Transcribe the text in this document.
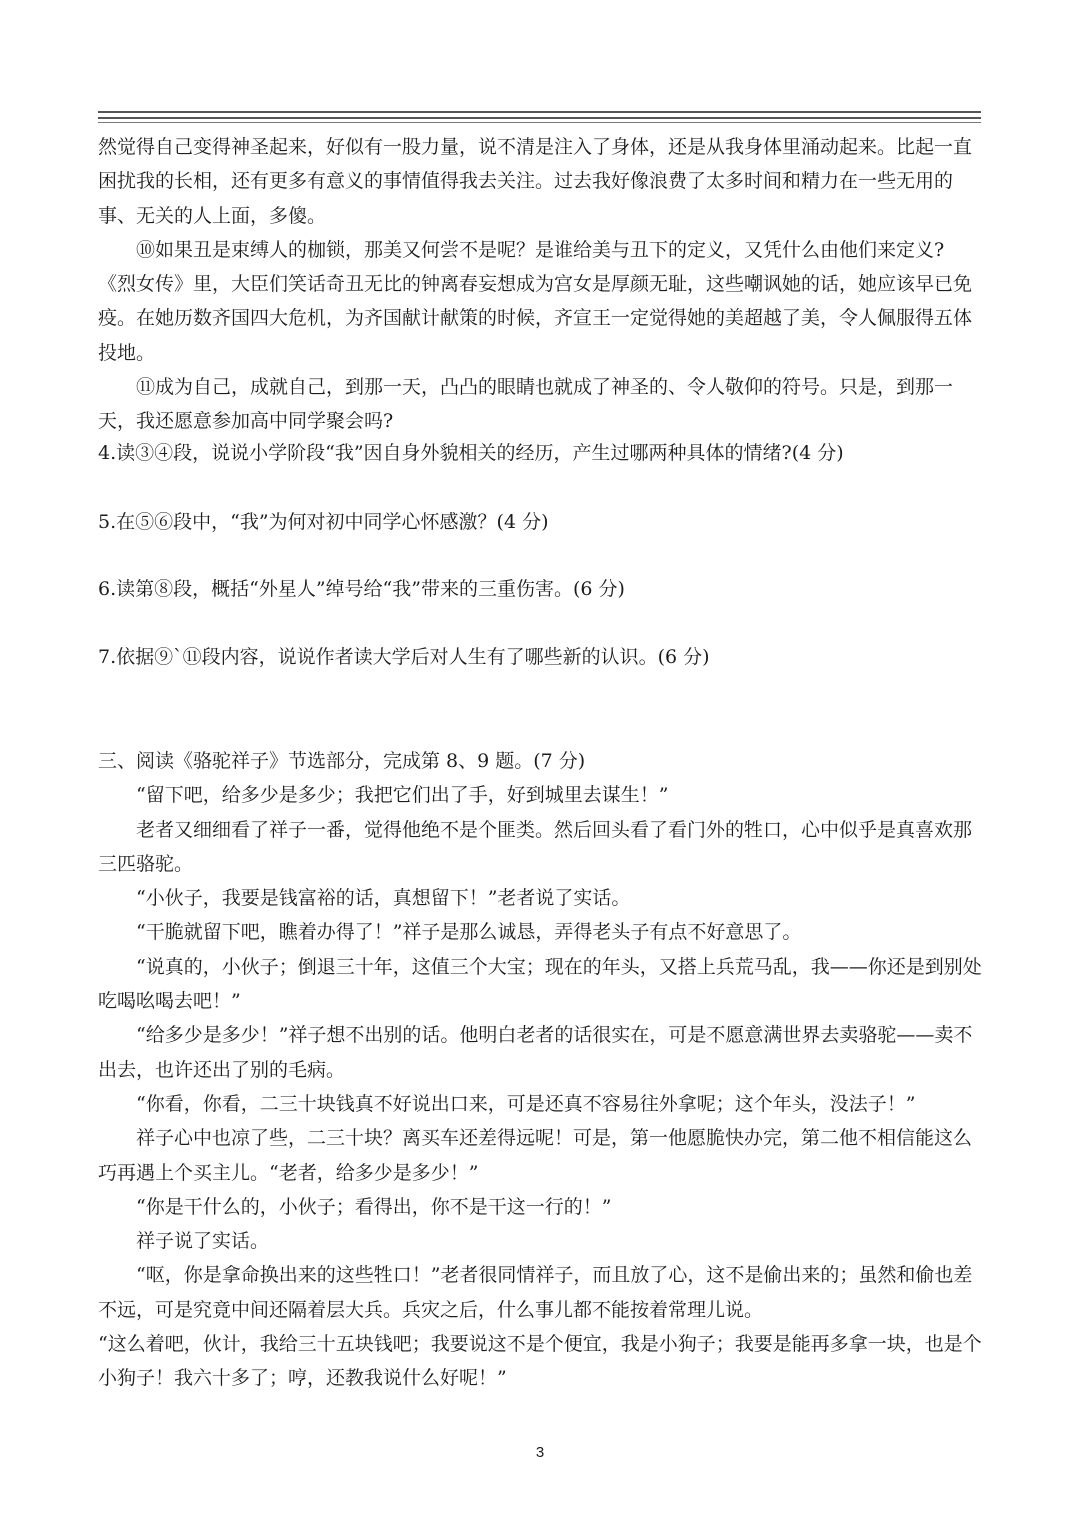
然觉得自己变得神圣起来，好似有一股力量，说不清是注入了身体，还是从我身体里涌动起来。比起一直困扰我的长相，还有更多有意义的事情值得我去关注。过去我好像浪费了太多时间和精力在一些无用的事、无关的人上面，多傻。

⑩如果丑是束缚人的枷锁，那美又何尝不是呢？是谁给美与丑下的定义，又凭什么由他们来定义?《烈女传》里，大臣们笑话奇丑无比的钟离春妄想成为宫女是厚颜无耻，这些嘲讽她的话，她应该早已免疫。在她历数齐国四大危机，为齐国献计献策的时候，齐宣王一定觉得她的美超越了美，令人佩服得五体投地。

⑪成为自己，成就自己，到那一天，凸凸的眼睛也就成了神圣的、令人敬仰的符号。只是，到那一天，我还愿意参加高中同学聚会吗?

4.读③④段，说说小学阶段“我”因自身外貌相关的经历，产生过哪两种具体的情绪?(4 分)

5.在⑤⑥段中，“我”为何对初中同学心怀感激？(4 分)

6.读第⑧段，概括“外星人”绰号给“我”带来的三重伤害。(6 分)

7.依据⑨`⑪段内容，说说作者读大学后对人生有了哪些新的认识。(6 分)

三、阅读《骆驼祥子》节选部分，完成第 8、9 题。(7 分)

“留下吧，给多少是多少；我把它们出了手，好到城里去谋生！”

老者又细细看了祥子一番，觉得他绝不是个匪类。然后回头看了看门外的牲口，心中似乎是真喜欢那三匹骆驼。

“小伙子，我要是钱富裕的话，真想留下！”老者说了实话。

“干脆就留下吧，瞧着办得了！”祥子是那么诚恳，弄得老头子有点不好意思了。

“说真的，小伙子；倒退三十年，这值三个大宝；现在的年头，又搭上兵荒马乱，我——你还是到别处吃喝吆喝去吧！”

“给多少是多少！”祥子想不出别的话。他明白老者的话很实在，可是不愿意满世界去卖骆驼——卖不出去，也许还出了别的毛病。

“你看，你看，二三十块钱真不好说出口来，可是还真不容易往外拿呢；这个年头，没法子！”

祥子心中也凉了些，二三十块？离买车还差得远呢！可是，第一他愿脆快办完，第二他不相信能这么巧再遇上个买主儿。“老者，给多少是多少！”

“你是干什么的，小伙子；看得出，你不是干这一行的！”

祥子说了实话。

“呕，你是拿命换出来的这些牲口！”老者很同情祥子，而且放了心，这不是偷出来的；虽然和偷也差不远，可是究竟中间还隔着层大兵。兵灾之后，什么事儿都不能按着常理儿说。

“这么着吧，伙计，我给三十五块钱吧；我要说这不是个便宜，我是小狗子；我要是能再多拿一块，也是个小狗子！我六十多了；哼，还教我说什么好呢！”

3
